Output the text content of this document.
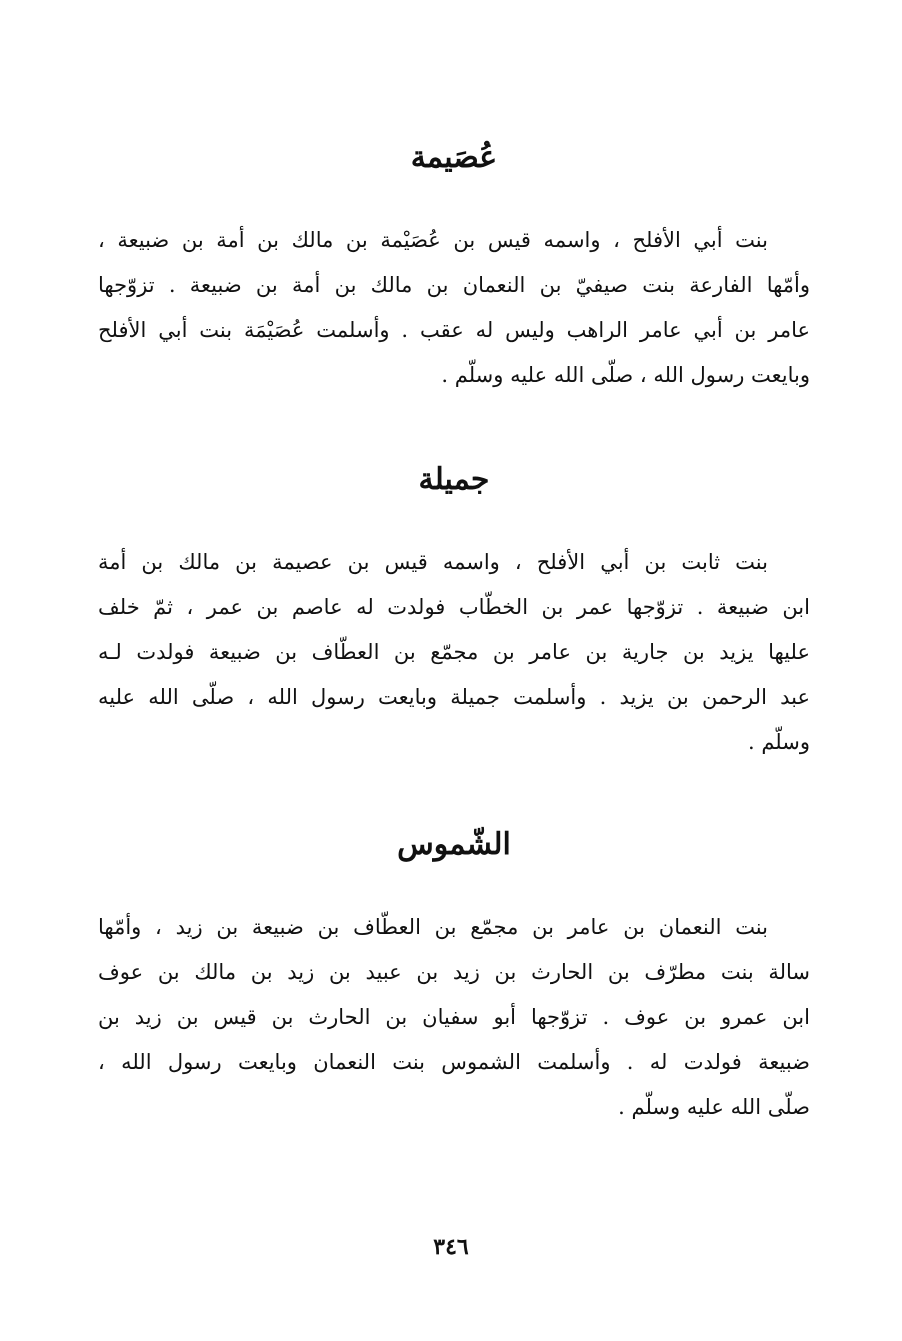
عُصَيمة

بنت أبي الأفلح ، واسمه قيس بن عُصَيْمة بن مالك بن أمة بن ضبيعة ،
وأمّها الفارعة بنت صيفيّ بن النعمان بن مالك بن أمة بن ضبيعة . تزوّجها
عامر بن أبي عامر الراهب وليس له عقب . وأسلمت عُصَيْمَة بنت أبي الأفلح
وبايعت رسول الله ، صلّى الله عليه وسلّم .

جميلة

بنت ثابت بن أبي الأفلح ، واسمه قيس بن عصيمة بن مالك بن أمة
ابن ضبيعة . تزوّجها عمر بن الخطّاب فولدت له عاصم بن عمر ، ثمّ خلف
عليها يزيد بن جارية بن عامر بن مجمّع بن العطّاف بن ضبيعة فولدت لـه
عبد الرحمن بن يزيد . وأسلمت جميلة وبايعت رسول الله ، صلّى الله عليه
وسلّم .

الشّموس

بنت النعمان بن عامر بن مجمّع بن العطّاف بن ضبيعة بن زيد ، وأمّها
سالة بنت مطرّف بن الحارث بن زيد بن عبيد بن زيد بن مالك بن عوف
ابن عمرو بن عوف . تزوّجها أبو سفيان بن الحارث بن قيس بن زيد بن
ضبيعة فولدت له . وأسلمت الشموس بنت النعمان وبايعت رسول الله ،
صلّى الله عليه وسلّم .

٣٤٦
